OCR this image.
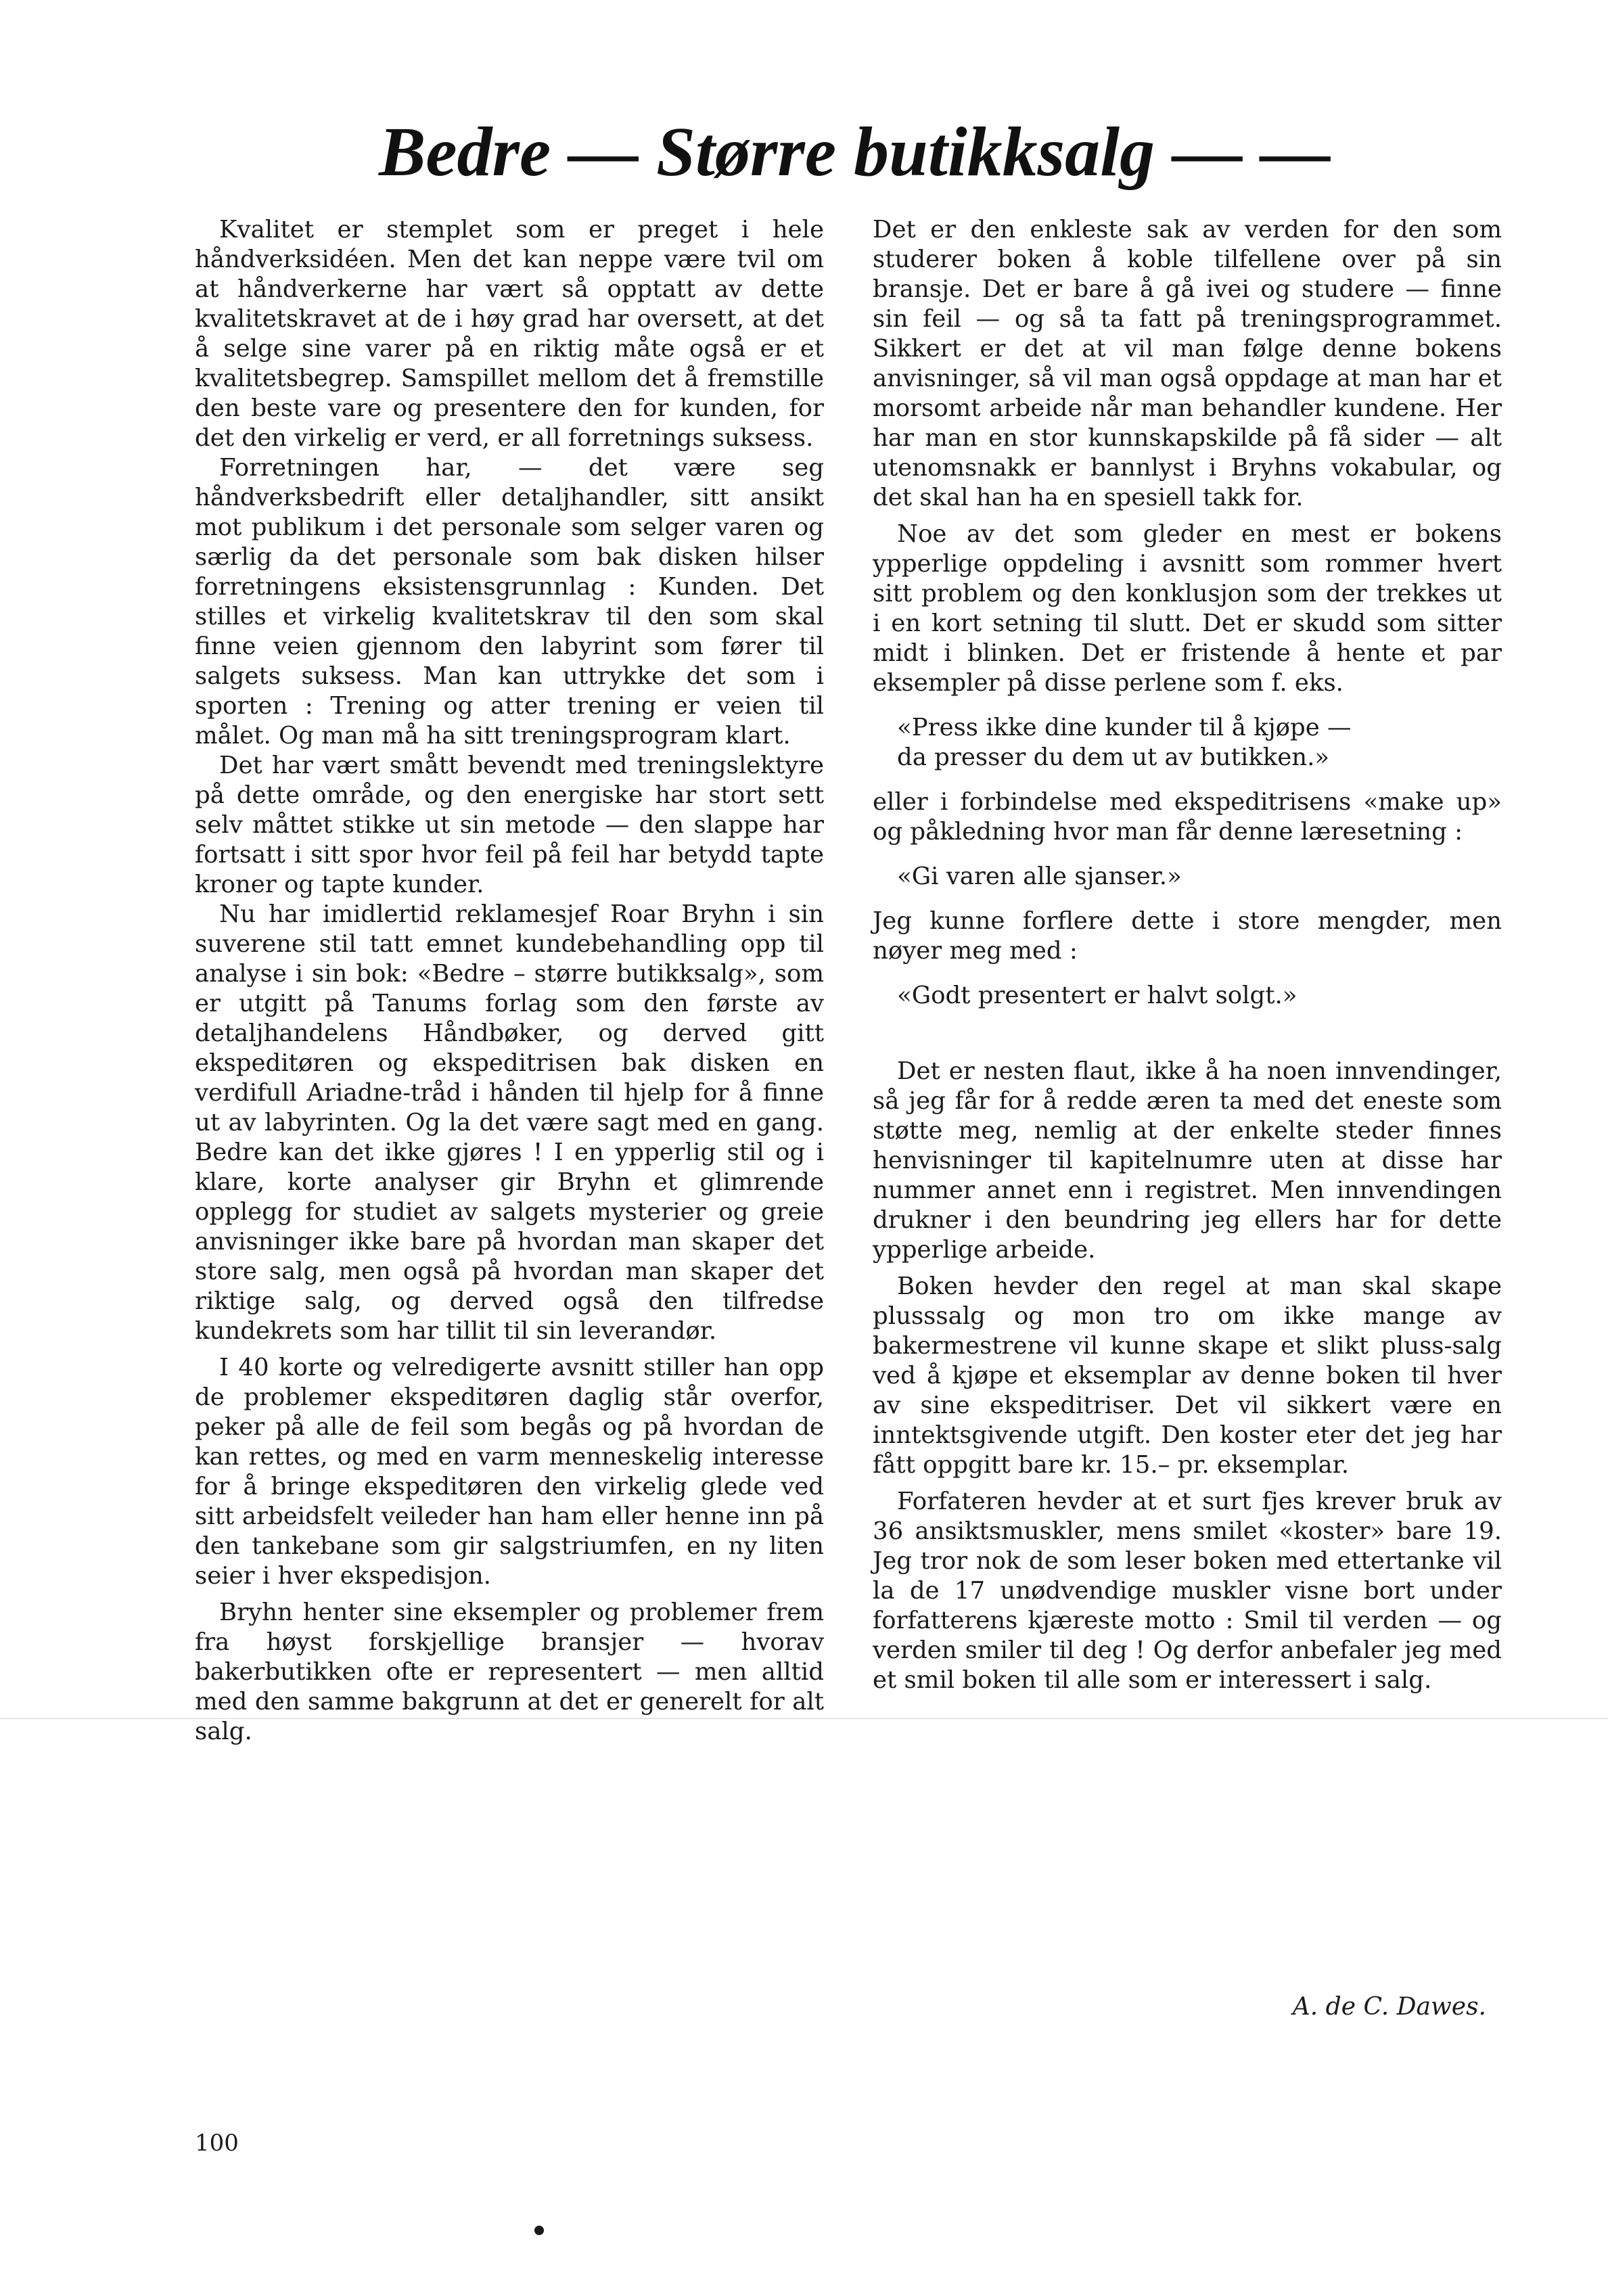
Bedre — Større butikksalg — —

Kvalitet er stemplet som er preget i hele håndverksidéen. Men det kan neppe være tvil om at håndverkerne har vært så opptatt av dette kvalitetskravet at de i høy grad har oversett, at det å selge sine varer på en riktig måte også er et kvalitetsbegrep. Samspillet mellom det å fremstille den beste vare og presentere den for kunden, for det den virkelig er verd, er all forretnings suksess.

Forretningen har, — det være seg håndverksbedrift eller detaljhandler, sitt ansikt mot publikum i det personale som selger varen og særlig da det personale som bak disken hilser forretningens eksistensgrunnlag : Kunden. Det stilles et virkelig kvalitetskrav til den som skal finne veien gjennom den labyrint som fører til salgets suksess. Man kan uttrykke det som i sporten : Trening og atter trening er veien til målet. Og man må ha sitt treningsprogram klart.

Det har vært smått bevendt med treningslektyre på dette område, og den energiske har stort sett selv måttet stikke ut sin metode — den slappe har fortsatt i sitt spor hvor feil på feil har betydd tapte kroner og tapte kunder.

Nu har imidlertid reklamesjef Roar Bryhn i sin suverene stil tatt emnet kundebehandling opp til analyse i sin bok: «Bedre – større butikksalg», som er utgitt på Tanums forlag som den første av detaljhandelens Håndbøker, og derved gitt ekspeditøren og ekspeditrisen bak disken en verdifull Ariadne-tråd i hånden til hjelp for å finne ut av labyrinten. Og la det være sagt med en gang. Bedre kan det ikke gjøres ! I en ypperlig stil og i klare, korte analyser gir Bryhn et glimrende opplegg for studiet av salgets mysterier og greie anvisninger ikke bare på hvordan man skaper det store salg, men også på hvordan man skaper det riktige salg, og derved også den tilfredse kundekrets som har tillit til sin leverandør.

I 40 korte og velredigerte avsnitt stiller han opp de problemer ekspeditøren daglig står overfor, peker på alle de feil som begås og på hvordan de kan rettes, og med en varm menneskelig interesse for å bringe ekspeditøren den virkelig glede ved sitt arbeidsfelt veileder han ham eller henne inn på den tankebane som gir salgstriumfen, en ny liten seier i hver ekspedisjon.

Bryhn henter sine eksempler og problemer frem fra høyst forskjellige bransjer — hvorav bakerbutikken ofte er representert — men alltid med den samme bakgrunn at det er generelt for alt salg.

Det er den enkleste sak av verden for den som studerer boken å koble tilfellene over på sin bransje. Det er bare å gå ivei og studere — finne sin feil — og så ta fatt på treningsprogrammet. Sikkert er det at vil man følge denne bokens anvisninger, så vil man også oppdage at man har et morsomt arbeide når man behandler kundene. Her har man en stor kunnskapskilde på få sider — alt utenomsnakk er bannlyst i Bryhns vokabular, og det skal han ha en spesiell takk for.

Noe av det som gleder en mest er bokens ypperlige oppdeling i avsnitt som rommer hvert sitt problem og den konklusjon som der trekkes ut i en kort setning til slutt. Det er skudd som sitter midt i blinken. Det er fristende å hente et par eksempler på disse perlene som f. eks.

«Press ikke dine kunder til å kjøpe —
da presser du dem ut av butikken.»

eller i forbindelse med ekspeditrisens «make up» og påkledning hvor man får denne læresetning :

«Gi varen alle sjanser.»

Jeg kunne forflere dette i store mengder, men nøyer meg med :

«Godt presentert er halvt solgt.»

Det er nesten flaut, ikke å ha noen innvendinger, så jeg får for å redde æren ta med det eneste som støtte meg, nemlig at der enkelte steder finnes henvisninger til kapitelnumre uten at disse har nummer annet enn i registret. Men innvendingen drukner i den beundring jeg ellers har for dette ypperlige arbeide.

Boken hevder den regel at man skal skape plusssalg og mon tro om ikke mange av bakermestrene vil kunne skape et slikt pluss-salg ved å kjøpe et eksemplar av denne boken til hver av sine ekspeditriser. Det vil sikkert være en inntektsgivende utgift. Den koster eter det jeg har fått oppgitt bare kr. 15.– pr. eksemplar.

Forfateren hevder at et surt fjes krever bruk av 36 ansiktsmuskler, mens smilet «koster» bare 19. Jeg tror nok de som leser boken med ettertanke vil la de 17 unødvendige muskler visne bort under forfatterens kjæreste motto : Smil til verden — og verden smiler til deg ! Og derfor anbefaler jeg med et smil boken til alle som er interessert i salg.

A. de C. Dawes.
100
